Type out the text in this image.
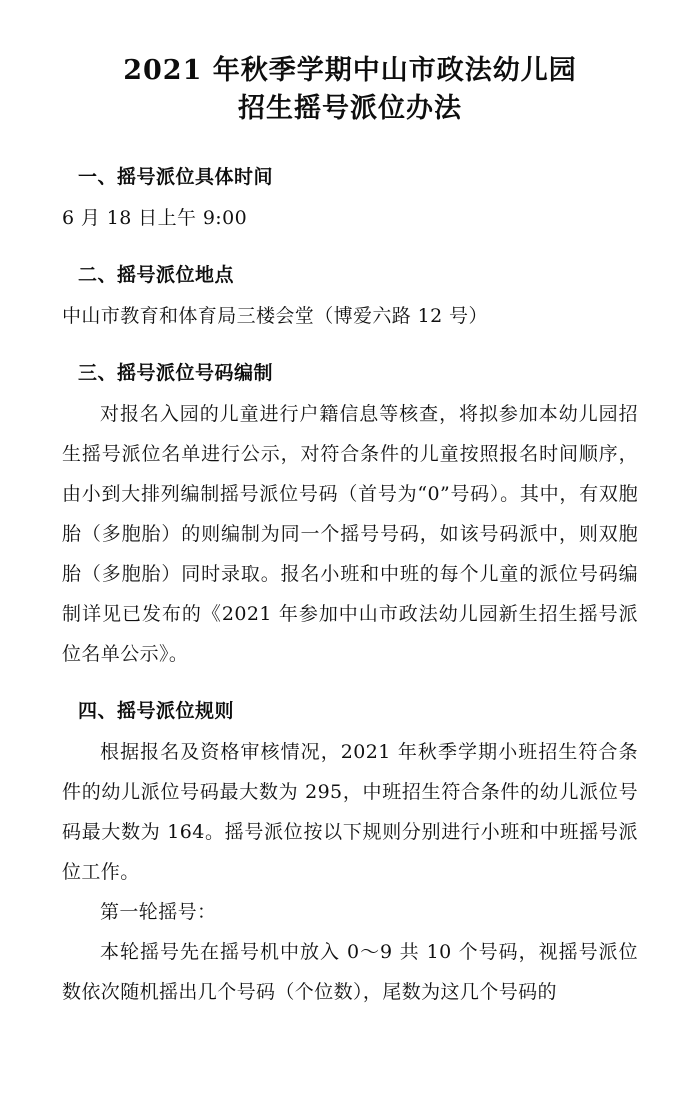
2021 年秋季学期中山市政法幼儿园
招生摇号派位办法
一、摇号派位具体时间

6 月 18 日上午 9:00

二、摇号派位地点

中山市教育和体育局三楼会堂（博爱六路 12 号）

三、摇号派位号码编制

对报名入园的儿童进行户籍信息等核查，将拟参加本幼儿园招生摇号派位名单进行公示，对符合条件的儿童按照报名时间顺序，由小到大排列编制摇号派位号码（首号为“0”号码）。其中，有双胞胎（多胞胎）的则编制为同一个摇号号码，如该号码派中，则双胞胎（多胞胎）同时录取。报名小班和中班的每个儿童的派位号码编制详见已发布的《2021 年参加中山市政法幼儿园新生招生摇号派位名单公示》。

四、摇号派位规则

根据报名及资格审核情况，2021 年秋季学期小班招生符合条件的幼儿派位号码最大数为 295，中班招生符合条件的幼儿派位号码最大数为 164。摇号派位按以下规则分别进行小班和中班摇号派位工作。

第一轮摇号：

本轮摇号先在摇号机中放入 0～9 共 10 个号码，视摇号派位数依次随机摇出几个号码（个位数），尾数为这几个号码的
